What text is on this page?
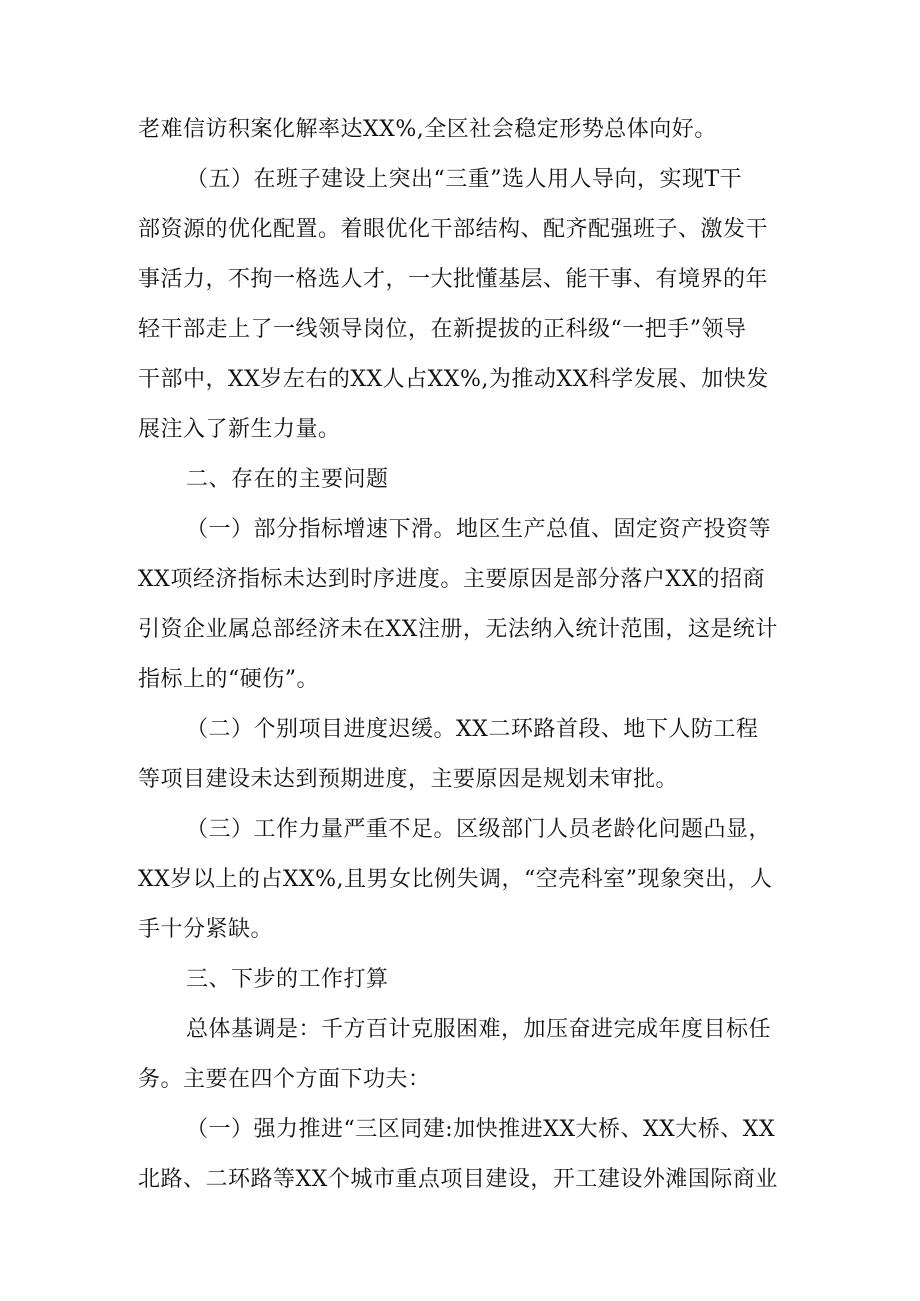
老难信访积案化解率达XX%,全区社会稳定形势总体向好。
（五）在班子建设上突出“三重”选人用人导向，实现T干
部资源的优化配置。着眼优化干部结构、配齐配强班子、激发干
事活力，不拘一格选人才，一大批懂基层、能干事、有境界的年
轻干部走上了一线领导岗位，在新提拔的正科级“一把手”领导
干部中，XX岁左右的XX人占XX%,为推动XX科学发展、加快发
展注入了新生力量。
二、存在的主要问题
（一）部分指标增速下滑。地区生产总值、固定资产投资等
XX项经济指标未达到时序进度。主要原因是部分落户XX的招商
引资企业属总部经济未在XX注册，无法纳入统计范围，这是统计
指标上的“硬伤”。
（二）个别项目进度迟缓。XX二环路首段、地下人防工程
等项目建设未达到预期进度，主要原因是规划未审批。
（三）工作力量严重不足。区级部门人员老龄化问题凸显，
XX岁以上的占XX%,且男女比例失调，“空壳科室”现象突出，人
手十分紧缺。
三、下步的工作打算
总体基调是：千方百计克服困难，加压奋进完成年度目标任
务。主要在四个方面下功夫：
（一）强力推进“三区同建:加快推进XX大桥、XX大桥、XX
北路、二环路等XX个城市重点项目建设，开工建设外滩国际商业
